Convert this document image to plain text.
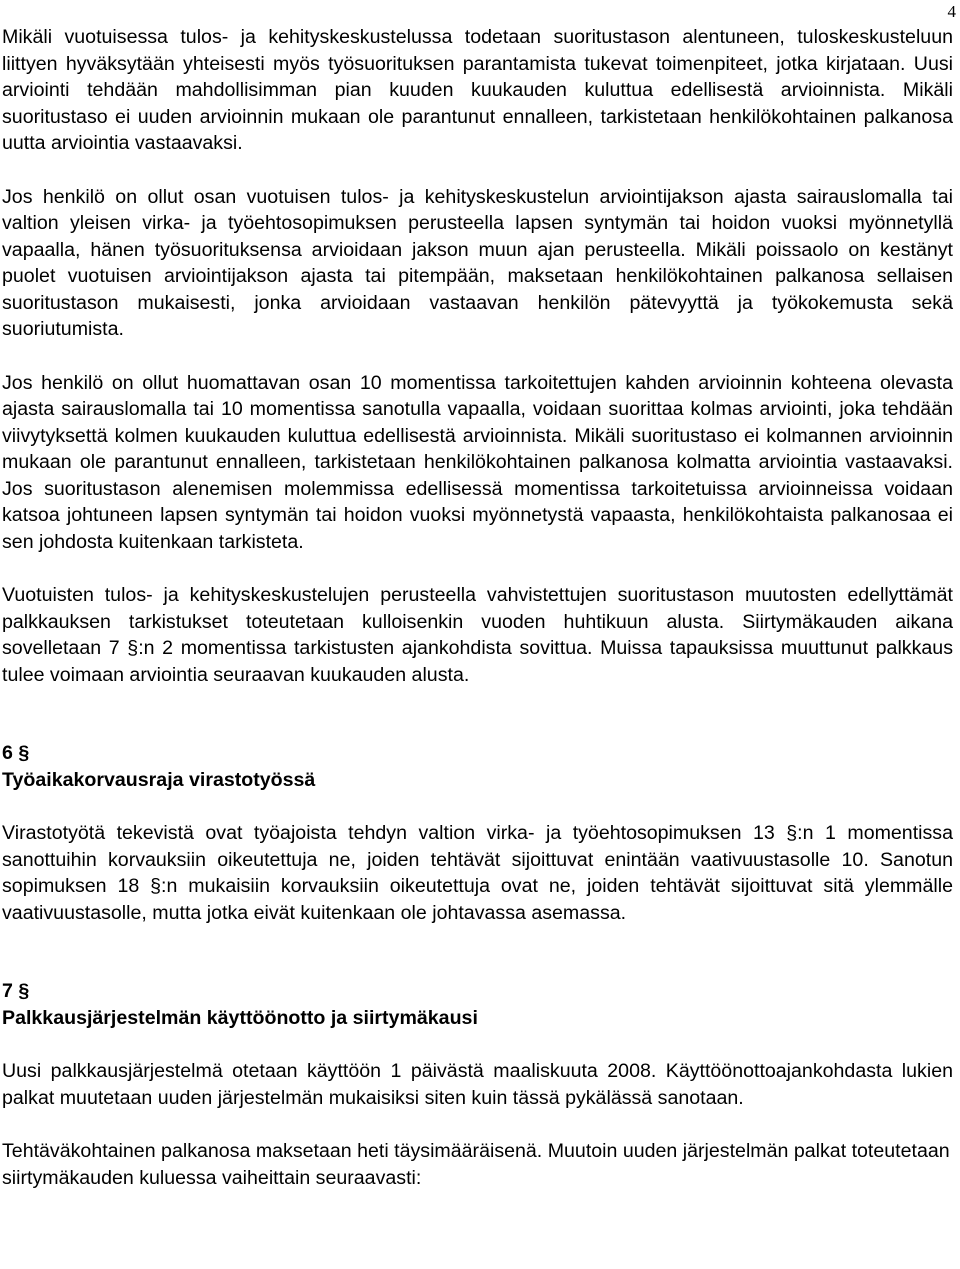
4

Mikäli vuotuisessa tulos- ja kehityskeskustelussa todetaan suoritustason alentuneen, tuloskeskusteluun liittyen hyväksytään yhteisesti myös työsuorituksen parantamista tukevat toimenpiteet, jotka kirjataan. Uusi arviointi tehdään mahdollisimman pian kuuden kuukauden kuluttua edellisestä arvioinnista. Mikäli suoritustaso ei uuden arvioinnin mukaan ole parantunut ennalleen, tarkistetaan henkilökohtainen palkanosa uutta arviointia vastaavaksi.

Jos henkilö on ollut osan vuotuisen tulos- ja kehityskeskustelun arviointijakson ajasta sairauslomalla tai valtion yleisen virka- ja työehtosopimuksen perusteella lapsen syntymän tai hoidon vuoksi myönnetyllä vapaalla, hänen työsuorituksensa arvioidaan jakson muun ajan perusteella. Mikäli poissaolo on kestänyt puolet vuotuisen arviointijakson ajasta tai pitempään, maksetaan henkilökohtainen palkanosa sellaisen suoritustason mukaisesti, jonka arvioidaan vastaavan henkilön pätevyyttä ja työkokemusta sekä suoriutumista.

Jos henkilö on ollut huomattavan osan 10 momentissa tarkoitettujen kahden arvioinnin kohteena olevasta ajasta sairauslomalla tai 10 momentissa sanotulla vapaalla, voidaan suorittaa kolmas arviointi, joka tehdään viivytyksettä kolmen kuukauden kuluttua edellisestä arvioinnista. Mikäli suoritustaso ei kolmannen arvioinnin mukaan ole parantunut ennalleen, tarkistetaan henkilökohtainen palkanosa kolmatta arviointia vastaavaksi. Jos suoritustason alenemisen molemmissa edellisessä momentissa tarkoitetuissa arvioinneissa voidaan katsoa johtuneen lapsen syntymän tai hoidon vuoksi myönnetystä vapaasta, henkilökohtaista palkanosaa ei sen johdosta kuitenkaan tarkisteta.

Vuotuisten tulos- ja kehityskeskustelujen perusteella vahvistettujen suoritustason muutosten edellyttämät palkkauksen tarkistukset toteutetaan kulloisenkin vuoden huhtikuun alusta. Siirtymäkauden aikana sovelletaan 7 §:n 2 momentissa tarkistusten ajankohdista sovittua. Muissa tapauksissa muuttunut palkkaus tulee voimaan arviointia seuraavan kuukauden alusta.

6 §

Työaikakorvausraja virastotyössä

Virastotyötä tekevistä ovat työajoista tehdyn valtion virka- ja työehtosopimuksen 13 §:n 1 momentissa sanottuihin korvauksiin oikeutettuja ne, joiden tehtävät sijoittuvat enintään vaativuustasolle 10. Sanotun sopimuksen 18 §:n mukaisiin korvauksiin oikeutettuja ovat ne, joiden tehtävät sijoittuvat sitä ylemmälle vaativuustasolle, mutta jotka eivät kuitenkaan ole johtavassa asemassa.

7 §

Palkkausjärjestelmän käyttöönotto ja siirtymäkausi

Uusi palkkausjärjestelmä otetaan käyttöön 1 päivästä maaliskuuta 2008. Käyttöönottoajankohdasta lukien palkat muutetaan uuden järjestelmän mukaisiksi siten kuin tässä pykälässä sanotaan.

Tehtäväkohtainen palkanosa maksetaan heti täysimääräisenä. Muutoin uuden järjestelmän palkat toteutetaan siirtymäkauden kuluessa vaiheittain seuraavasti:
